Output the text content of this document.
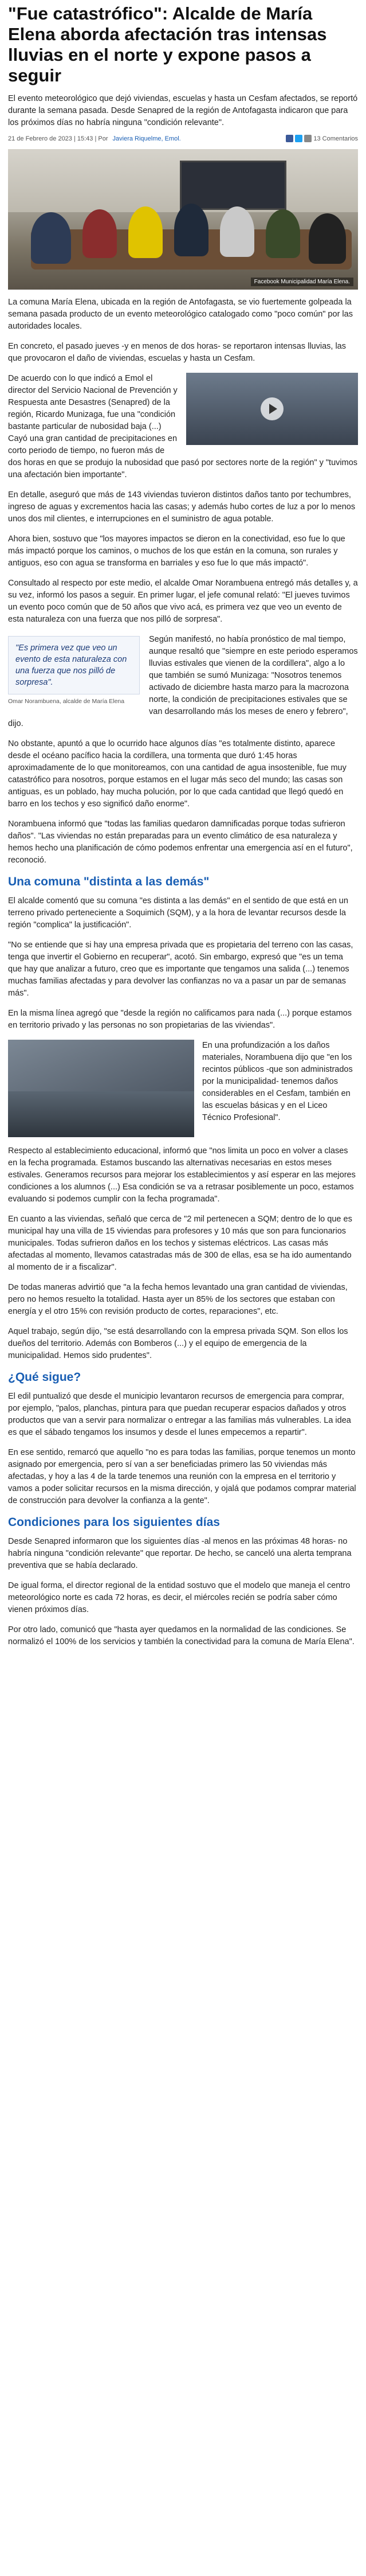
"Fue catastrófico": Alcalde de María Elena aborda afectación tras intensas lluvias en el norte y expone pasos a seguir

El evento meteorológico que dejó viviendas, escuelas y hasta un Cesfam afectados, se reportó durante la semana pasada. Desde Senapred de la región de Antofagasta indicaron que para los próximos días no habría ninguna "condición relevante".

21 de Febrero de 2023 | 15:43 | Por Javiera Riquelme, Emol.	13 Comentarios
Facebook Municipalidad María Elena.

La comuna María Elena, ubicada en la región de Antofagasta, se vio fuertemente golpeada la semana pasada producto de un evento meteorológico catalogado como "poco común" por las autoridades locales.

En concreto, el pasado jueves -y en menos de dos horas- se reportaron intensas lluvias, las que provocaron el daño de viviendas, escuelas y hasta un Cesfam.

De acuerdo con lo que indicó a Emol el director del Servicio Nacional de Prevención y Respuesta ante Desastres (Senapred) de la región, Ricardo Munizaga, fue una "condición bastante particular de nubosidad baja (...) Cayó una gran cantidad de precipitaciones en corto periodo de tiempo, no fueron más de dos horas en que se produjo la nubosidad que pasó por sectores norte de la región" y "tuvimos una afectación bien importante".

En detalle, aseguró que más de 143 viviendas tuvieron distintos daños tanto por techumbres, ingreso de aguas y excrementos hacia las casas; y además hubo cortes de luz a por lo menos unos dos mil clientes, e interrupciones en el suministro de agua potable.

Ahora bien, sostuvo que "los mayores impactos se dieron en la conectividad, eso fue lo que más impactó porque los caminos, o muchos de los que están en la comuna, son rurales y antiguos, eso con agua se transforma en barriales y eso fue lo que más impactó".

Consultado al respecto por este medio, el alcalde Omar Norambuena entregó más detalles y, a su vez, informó los pasos a seguir. En primer lugar, el jefe comunal relató: "El jueves tuvimos un evento poco común que de 50 años que vivo acá, es primera vez que veo un evento de esta naturaleza con una fuerza que nos pilló de sorpresa".

"Es primera vez que veo un evento de esta naturaleza con una fuerza que nos pilló de sorpresa".
Omar Norambuena, alcalde de María Elena

Según manifestó, no había pronóstico de mal tiempo, aunque resaltó que "siempre en este periodo esperamos lluvias estivales que vienen de la cordillera", algo a lo que también se sumó Munizaga: "Nosotros tenemos activado de diciembre hasta marzo para la macrozona norte, la condición de precipitaciones estivales que se van desarrollando más los meses de enero y febrero", dijo.

No obstante, apuntó a que lo ocurrido hace algunos días "es totalmente distinto, aparece desde el océano pacífico hacia la cordillera, una tormenta que duró 1:45 horas aproximadamente de lo que monitoreamos, con una cantidad de agua insostenible, fue muy catastrófico para nosotros, porque estamos en el lugar más seco del mundo; las casas son antiguas, es un poblado, hay mucha polución, por lo que cada cantidad que llegó quedó en barro en los techos y eso significó daño enorme".

Norambuena informó que "todas las familias quedaron damnificadas porque todas sufrieron daños". "Las viviendas no están preparadas para un evento climático de esa naturaleza y hemos hecho una planificación de cómo podemos enfrentar una emergencia así en el futuro", reconoció.

Una comuna "distinta a las demás"

El alcalde comentó que su comuna "es distinta a las demás" en el sentido de que está en un terreno privado perteneciente a Soquimich (SQM), y a la hora de levantar recursos desde la región "complica" la justificación".

"No se entiende que si hay una empresa privada que es propietaria del terreno con las casas, tenga que invertir el Gobierno en recuperar", acotó. Sin embargo, expresó que "es un tema que hay que analizar a futuro, creo que es importante que tengamos una salida (...) tenemos muchas familias afectadas y para devolver las confianzas no va a pasar un par de semanas más".

En la misma línea agregó que "desde la región no calificamos para nada (...) porque estamos en territorio privado y las personas no son propietarias de las viviendas".

En una profundización a los daños materiales, Norambuena dijo que "en los recintos públicos -que son administrados por la municipalidad- tenemos daños considerables en el Cesfam, también en las escuelas básicas y en el Liceo Técnico Profesional".

Respecto al establecimiento educacional, informó que "nos limita un poco en volver a clases en la fecha programada. Estamos buscando las alternativas necesarias en estos meses estivales. Generamos recursos para mejorar los establecimientos y así esperar en las mejores condiciones a los alumnos (...) Esa condición se va a retrasar posiblemente un poco, estamos evaluando si podemos cumplir con la fecha programada".

En cuanto a las viviendas, señaló que cerca de "2 mil pertenecen a SQM; dentro de lo que es municipal hay una villa de 15 viviendas para profesores y 10 más que son para funcionarios municipales. Todas sufrieron daños en los techos y sistemas eléctricos. Las casas más afectadas al momento, llevamos catastradas más de 300 de ellas, esa se ha ido aumentando al momento de ir a fiscalizar".

De todas maneras advirtió que "a la fecha hemos levantado una gran cantidad de viviendas, pero no hemos resuelto la totalidad. Hasta ayer un 85% de los sectores que estaban con energía y el otro 15% con revisión producto de cortes, reparaciones", etc.

Aquel trabajo, según dijo, "se está desarrollando con la empresa privada SQM. Son ellos los dueños del territorio. Además con Bomberos (...) y el equipo de emergencia de la municipalidad. Hemos sido prudentes".

¿Qué sigue?

El edil puntualizó que desde el municipio levantaron recursos de emergencia para comprar, por ejemplo, "palos, planchas, pintura para que puedan recuperar espacios dañados y otros productos que van a servir para normalizar o entregar a las familias más vulnerables. La idea es que el sábado tengamos los insumos y desde el lunes empecemos a repartir".

En ese sentido, remarcó que aquello "no es para todas las familias, porque tenemos un monto asignado por emergencia, pero sí van a ser beneficiadas primero las 50 viviendas más afectadas, y hoy a las 4 de la tarde tenemos una reunión con la empresa en el territorio y vamos a poder solicitar recursos en la misma dirección, y ojalá que podamos comprar material de construcción para devolver la confianza a la gente".

Condiciones para los siguientes días

Desde Senapred informaron que los siguientes días -al menos en las próximas 48 horas- no habría ninguna "condición relevante" que reportar. De hecho, se canceló una alerta temprana preventiva que se había declarado.

De igual forma, el director regional de la entidad sostuvo que el modelo que maneja el centro meteorológico norte es cada 72 horas, es decir, el miércoles recién se podría saber cómo vienen próximos días.

Por otro lado, comunicó que "hasta ayer quedamos en la normalidad de las condiciones. Se normalizó el 100% de los servicios y también la conectividad para la comuna de María Elena".
